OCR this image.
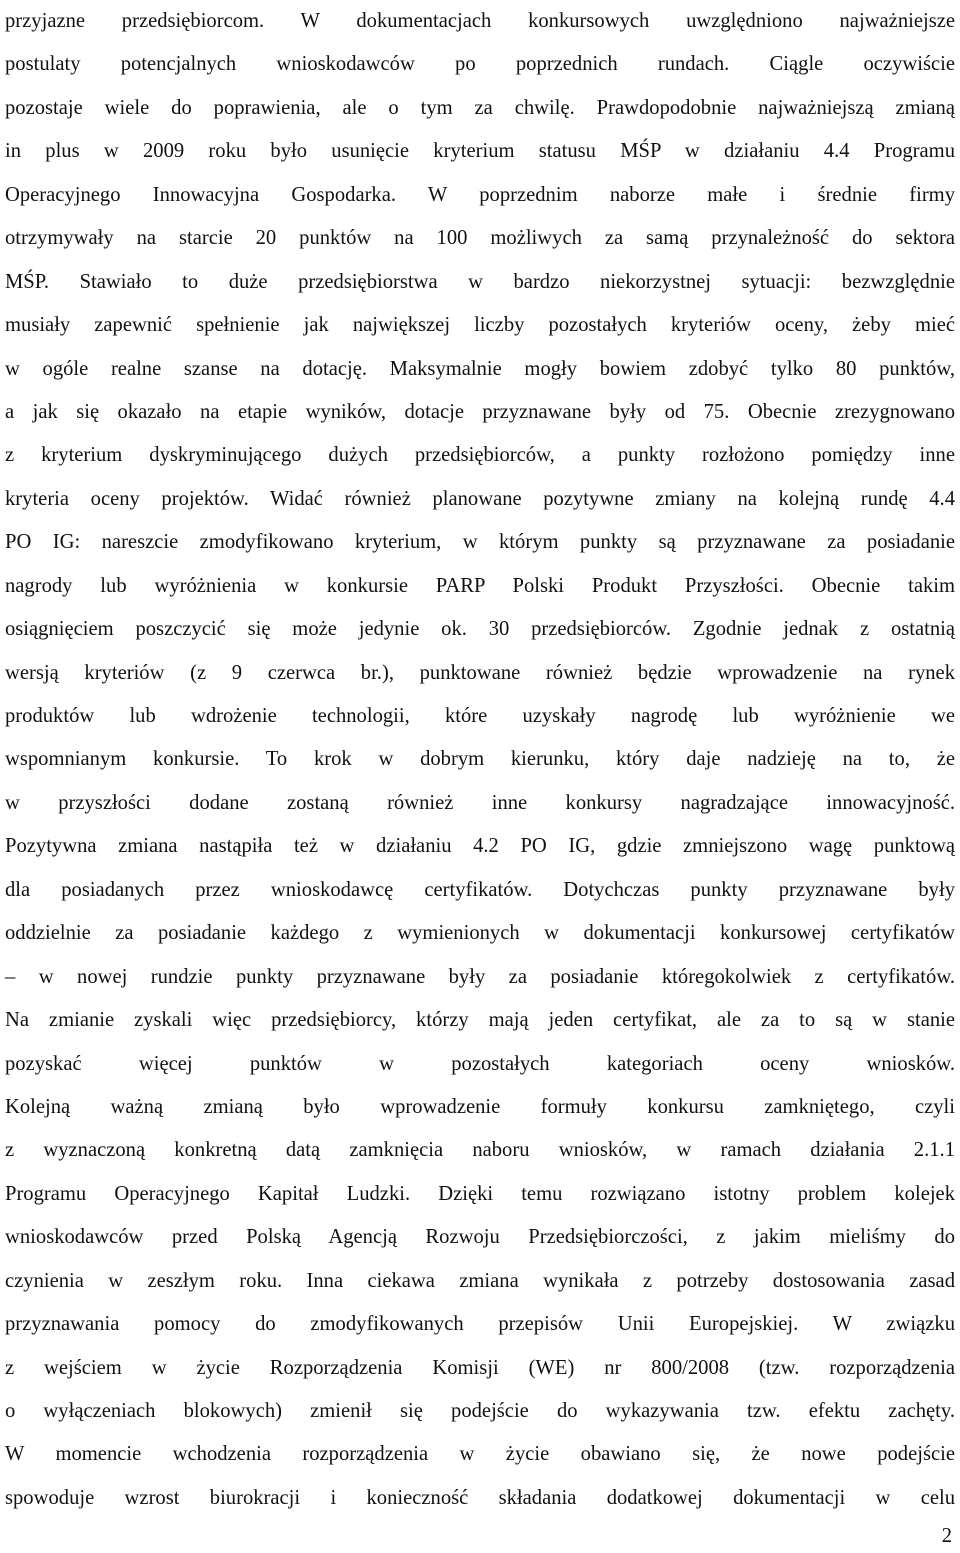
przyjazne przedsiębiorcom. W dokumentacjach konkursowych uwzględniono najważniejsze
postulaty potencjalnych wnioskodawców po poprzednich rundach. Ciągle oczywiście
pozostaje wiele do poprawienia, ale o tym za chwilę. Prawdopodobnie najważniejszą zmianą
in plus w 2009 roku było usunięcie kryterium statusu MŚP w działaniu 4.4 Programu
Operacyjnego Innowacyjna Gospodarka. W poprzednim naborze małe i średnie firmy
otrzymywały na starcie 20 punktów na 100 możliwych za samą przynależność do sektora
MŚP. Stawiało to duże przedsiębiorstwa w bardzo niekorzystnej sytuacji: bezwzględnie
musiały zapewnić spełnienie jak największej liczby pozostałych kryteriów oceny, żeby mieć
w ogóle realne szanse na dotację. Maksymalnie mogły bowiem zdobyć tylko 80 punktów,
a jak się okazało na etapie wyników, dotacje przyznawane były od 75. Obecnie zrezygnowano
z kryterium dyskryminującego dużych przedsiębiorców, a punkty rozłożono pomiędzy inne
kryteria oceny projektów. Widać również planowane pozytywne zmiany na kolejną rundę 4.4
PO IG: nareszcie zmodyfikowano kryterium, w którym punkty są przyznawane za posiadanie
nagrody lub wyróżnienia w konkursie PARP Polski Produkt Przyszłości. Obecnie takim
osiągnięciem poszczycić się może jedynie ok. 30 przedsiębiorców. Zgodnie jednak z ostatnią
wersją kryteriów (z 9 czerwca br.), punktowane również będzie wprowadzenie na rynek
produktów lub wdrożenie technologii, które uzyskały nagrodę lub wyróżnienie we
wspomnianym konkursie. To krok w dobrym kierunku, który daje nadzieję na to, że
w przyszłości dodane zostaną również inne konkursy nagradzające innowacyjność.
Pozytywna zmiana nastąpiła też w działaniu 4.2 PO IG, gdzie zmniejszono wagę punktową
dla posiadanych przez wnioskodawcę certyfikatów. Dotychczas punkty przyznawane były
oddzielnie za posiadanie każdego z wymienionych w dokumentacji konkursowej certyfikatów
– w nowej rundzie punkty przyznawane były za posiadanie któregokolwiek z certyfikatów.
Na zmianie zyskali więc przedsiębiorcy, którzy mają jeden certyfikat, ale za to są w stanie
pozyskać więcej punktów w pozostałych kategoriach oceny wniosków.
Kolejną ważną zmianą było wprowadzenie formuły konkursu zamkniętego, czyli
z wyznaczoną konkretną datą zamknięcia naboru wniosków, w ramach działania 2.1.1
Programu Operacyjnego Kapitał Ludzki. Dzięki temu rozwiązano istotny problem kolejek
wnioskodawców przed Polską Agencją Rozwoju Przedsiębiorczości, z jakim mieliśmy do
czynienia w zeszłym roku. Inna ciekawa zmiana wynikała z potrzeby dostosowania zasad
przyznawania pomocy do zmodyfikowanych przepisów Unii Europejskiej. W związku
z wejściem w życie Rozporządzenia Komisji (WE) nr 800/2008 (tzw. rozporządzenia
o wyłączeniach blokowych) zmienił się podejście do wykazywania tzw. efektu zachęty.
W momencie wchodzenia rozporządzenia w życie obawiano się, że nowe podejście
spowoduje wzrost biurokracji i konieczność składania dodatkowej dokumentacji w celu
2
